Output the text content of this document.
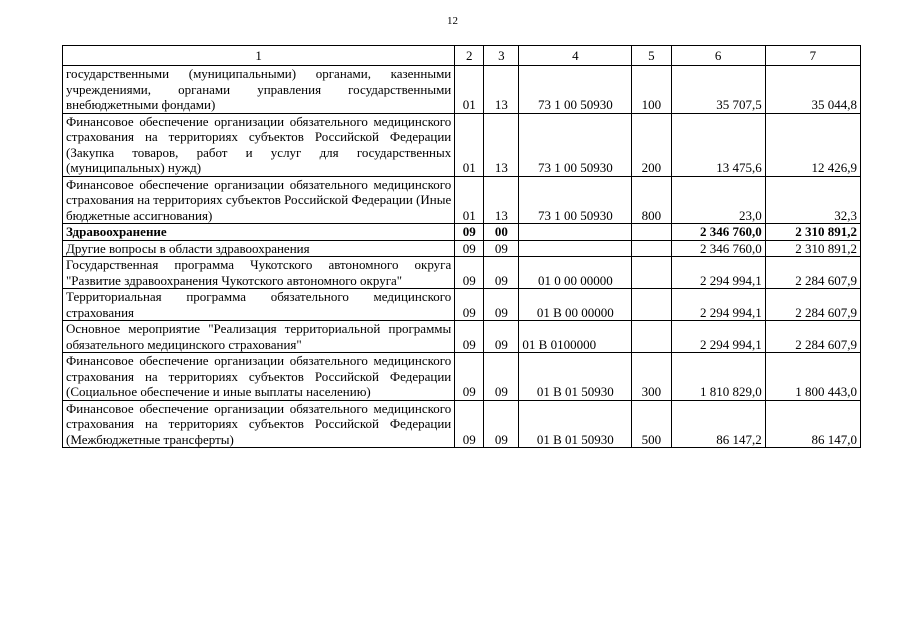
12
1	2	3	4	5	6	7
государственными (муниципальными) органами, казенными учреждениями, органами управления государственными внебюджетными фондами)	01	13	73 1 00 50930	100	35 707,5	35 044,8
Финансовое обеспечение организации обязательного медицинского страхования на территориях субъектов Российской Федерации (Закупка товаров, работ и услуг для государственных (муниципальных) нужд)	01	13	73 1 00 50930	200	13 475,6	12 426,9
Финансовое обеспечение организации обязательного медицинского страхования на территориях субъектов Российской Федерации (Иные бюджетные ассигнования)	01	13	73 1 00 50930	800	23,0	32,3
Здравоохранение	09	00			2 346 760,0	2 310 891,2
Другие вопросы в области здравоохранения	09	09			2 346 760,0	2 310 891,2
Государственная программа Чукотского автономного округа "Развитие здравоохранения Чукотского автономного округа"	09	09	01 0 00 00000		2 294 994,1	2 284 607,9
Территориальная программа обязательного медицинского страхования	09	09	01 В 00 00000		2 294 994,1	2 284 607,9
Основное мероприятие "Реализация территориальной программы обязательного медицинского страхования"	09	09	01 В 0100000		2 294 994,1	2 284 607,9
Финансовое обеспечение организации обязательного медицинского страхования на территориях субъектов Российской Федерации (Социальное обеспечение и иные выплаты населению)	09	09	01 В 01 50930	300	1 810 829,0	1 800 443,0
Финансовое обеспечение организации обязательного медицинского страхования на территориях субъектов Российской Федерации (Межбюджетные трансферты)	09	09	01 В 01 50930	500	86 147,2	86 147,0
